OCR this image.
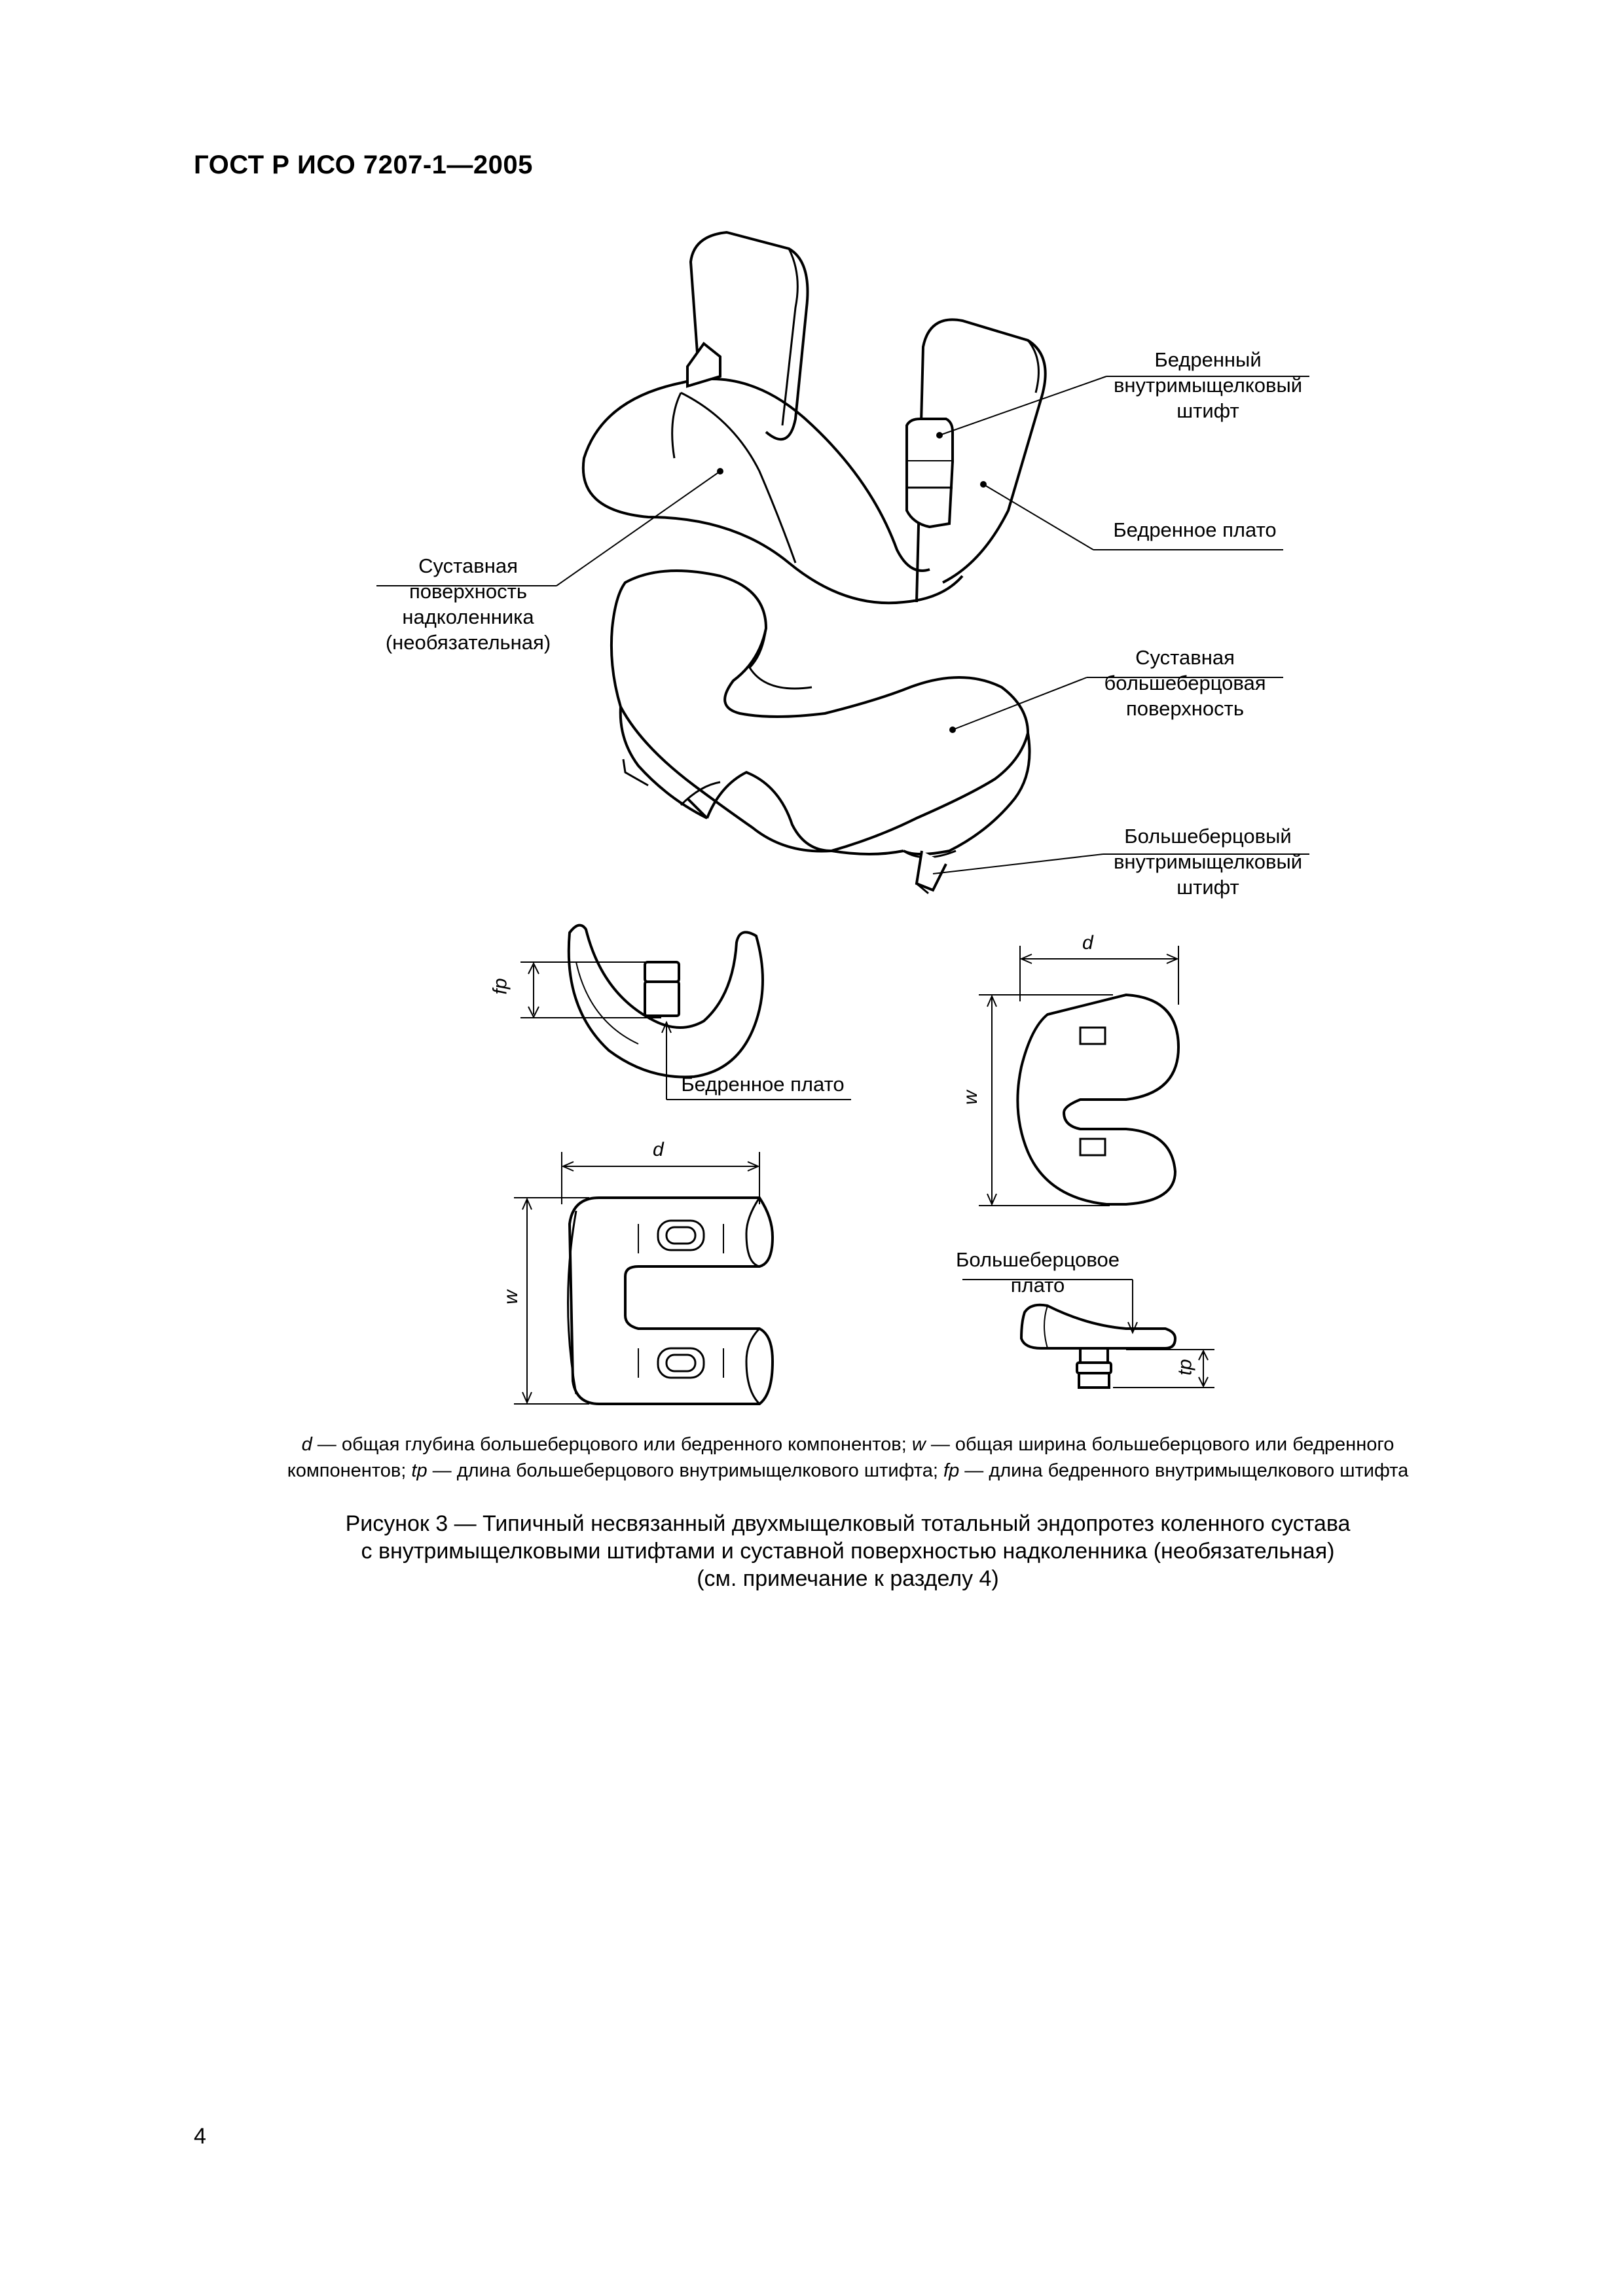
ГОСТ Р ИСО 7207-1—2005
Бедренный
внутримыщелковый
штифт
Бедренное плато
Суставная
поверхность
надколенника
(необязательная)
Суставная
большеберцовая
поверхность
Большеберцовый
внутримыщелковый
штифт
Бедренное плато
Большеберцовое
плато
fp
tp
d
w
d
w
d — общая глубина большеберцового или бедренного компонентов; w — общая ширина большеберцового или бедренного
компонентов; tp — длина большеберцового внутримыщелкового штифта; fp — длина бедренного внутримыщелкового штифта
Рисунок 3 — Типичный несвязанный двухмыщелковый тотальный эндопротез коленного сустава
с внутримыщелковыми штифтами и суставной поверхностью надколенника (необязательная)
(см. примечание к разделу 4)
4
